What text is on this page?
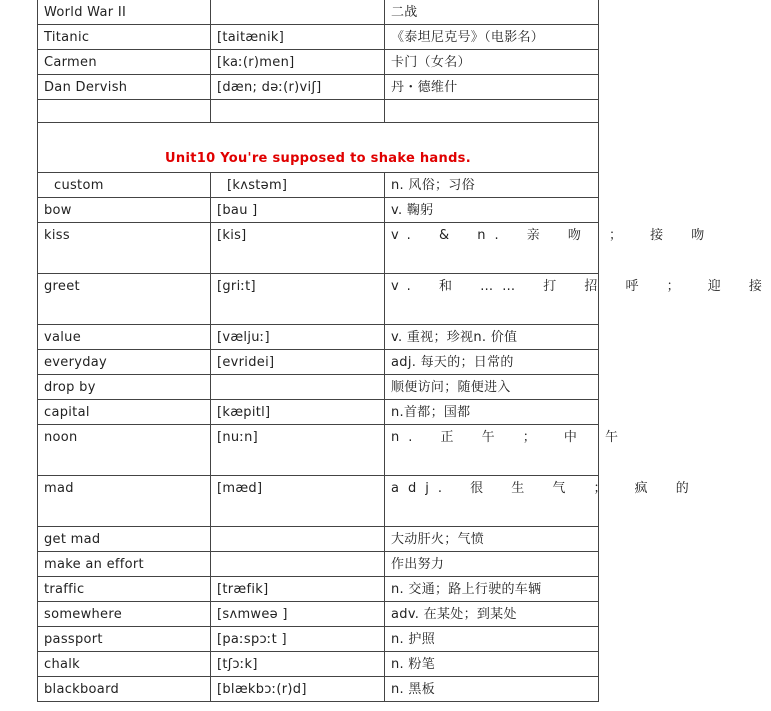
World War II		二战
Titanic	[taitænik]	《泰坦尼克号》（电影名）
Carmen	[kaː(r)men]	卡门（女名）
Dan Dervish	[dæn; dəː(r)viʃ]	丹・德维什

Unit10 You're supposed to shake hands.		
custom	[kʌstəm]	n. 风俗；习俗
bow	[bau ]	v. 鞠躬
kiss	[kis]	v. & n. 亲 吻 ； 接 吻
greet	[griːt]	v. 和 …… 打 招 呼 ； 迎 接
value	[væljuː]	v. 重视；珍视n. 价值
everyday	[evridei]	adj. 每天的；日常的
drop by		顺便访问；随便进入
capital	[kæpitl]	n.首都；国都
noon	[nuːn]	n. 正 午 ； 中 午
mad	[mæd]	adj. 很 生 气 ； 疯 的
get mad		大动肝火；气愤
make an effort		作出努力
traffic	[træfik]	n. 交通；路上行驶的车辆
somewhere	[sʌmweə ]	adv. 在某处；到某处
passport	[paːspɔːt ]	n. 护照
chalk	[tʃɔːk]	n. 粉笔
blackboard	[blækbɔː(r)d]	n. 黑板
